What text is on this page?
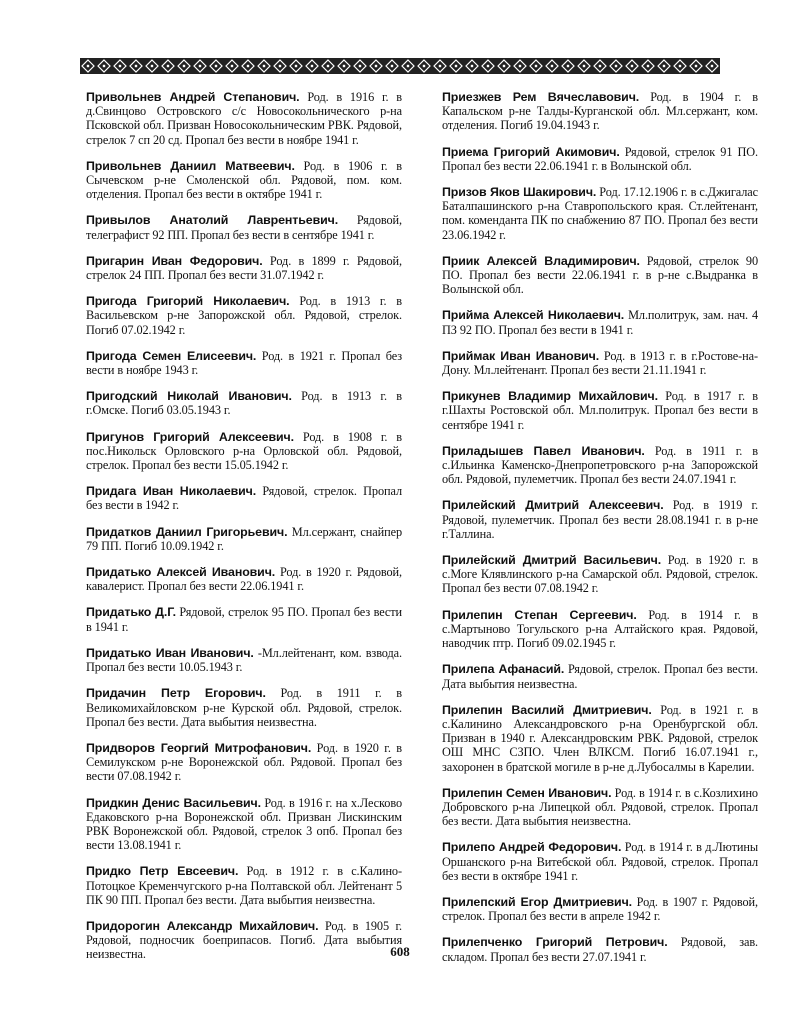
Привольнев Андрей Степанович. Род. в 1916 г. в д.Свинцово Островского с/с Новосокольнического р-на Псковской обл. Призван Новосокольническим РВК. Рядовой, стрелок 7 сп 20 сд. Пропал без вести в ноябре 1941 г.

Привольнев Даниил Матвеевич. Род. в 1906 г. в Сычевском р-не Смоленской обл. Рядовой, пом. ком. отделения. Пропал без вести в октябре 1941 г.

Привылов Анатолий Лаврентьевич. Рядовой, телеграфист 92 ПП. Пропал без вести в сентябре 1941 г.

Пригарин Иван Федорович. Род. в 1899 г. Рядовой, стрелок 24 ПП. Пропал без вести 31.07.1942 г.

Пригода Григорий Николаевич. Род. в 1913 г. в Васильевском р-не Запорожской обл. Рядовой, стрелок. Погиб 07.02.1942 г.

Пригода Семен Елисеевич. Род. в 1921 г. Пропал без вести в ноябре 1943 г.

Пригодский Николай Иванович. Род. в 1913 г. в г.Омске. Погиб 03.05.1943 г.

Пригунов Григорий Алексеевич. Род. в 1908 г. в пос.Никольск Орловского р-на Орловской обл. Рядовой, стрелок. Пропал без вести 15.05.1942 г.

Придага Иван Николаевич. Рядовой, стрелок. Пропал без вести в 1942 г.

Придатков Даниил Григорьевич. Мл.сержант, снайпер 79 ПП. Погиб 10.09.1942 г.

Придатько Алексей Иванович. Род. в 1920 г. Рядовой, кавалерист. Пропал без вести 22.06.1941 г.

Придатько Д.Г. Рядовой, стрелок 95 ПО. Пропал без вести в 1941 г.

Придатько Иван Иванович. -Мл.лейтенант, ком. взвода. Пропал без вести 10.05.1943 г.

Придачин Петр Егорович. Род. в 1911 г. в Великомихайловском р-не Курской обл. Рядовой, стрелок. Пропал без вести. Дата выбытия неизвестна.

Придворов Георгий Митрофанович. Род. в 1920 г. в Семилукском р-не Воронежской обл. Рядовой. Пропал без вести 07.08.1942 г.

Придкин Денис Васильевич. Род. в 1916 г. на х.Лесково Едаковского р-на Воронежской обл. Призван Лискинским РВК Воронежской обл. Рядовой, стрелок 3 опб. Пропал без вести 13.08.1941 г.

Придко Петр Евсеевич. Род. в 1912 г. в с.Калино-Потоцкое Кременчугского р-на Полтавской обл. Лейтенант 5 ПК 90 ПП. Пропал без вести. Дата выбытия неизвестна.

Придорогин Александр Михайлович. Род. в 1905 г. Рядовой, подносчик боеприпасов. Погиб. Дата выбытия неизвестна.

Приезжев Рем Вячеславович. Род. в 1904 г. в Капальском р-не Талды-Курганской обл. Мл.сержант, ком. отделения. Погиб 19.04.1943 г.

Приема Григорий Акимович. Рядовой, стрелок 91 ПО. Пропал без вести 22.06.1941 г. в Волынской обл.

Призов Яков Шакирович. Род. 17.12.1906 г. в с.Джигалас Баталпашинского р-на Ставропольского края. Ст.лейтенант, пом. коменданта ПК по снабжению 87 ПО. Пропал без вести 23.06.1942 г.

Приик Алексей Владимирович. Рядовой, стрелок 90 ПО. Пропал без вести 22.06.1941 г. в р-не с.Выдранка в Волынской обл.

Прийма Алексей Николаевич. Мл.политрук, зам. нач. 4 ПЗ 92 ПО. Пропал без вести в 1941 г.

Приймак Иван Иванович. Род. в 1913 г. в г.Ростове-на-Дону. Мл.лейтенант. Пропал без вести 21.11.1941 г.

Прикунев Владимир Михайлович. Род. в 1917 г. в г.Шахты Ростовской обл. Мл.политрук. Пропал без вести в сентябре 1941 г.

Приладышев Павел Иванович. Род. в 1911 г. в с.Ильинка Каменско-Днепропетровского р-на Запорожской обл. Рядовой, пулеметчик. Пропал без вести 24.07.1941 г.

Прилейский Дмитрий Алексеевич. Род. в 1919 г. Рядовой, пулеметчик. Пропал без вести 28.08.1941 г. в р-не г.Таллина.

Прилейский Дмитрий Васильевич. Род. в 1920 г. в с.Моге Клявлинского р-на Самарской обл. Рядовой, стрелок. Пропал без вести 07.08.1942 г.

Прилепин Степан Сергеевич. Род. в 1914 г. в с.Мартыново Тогульского р-на Алтайского края. Рядовой, наводчик птр. Погиб 09.02.1945 г.

Прилепа Афанасий. Рядовой, стрелок. Пропал без вести. Дата выбытия неизвестна.

Прилепин Василий Дмитриевич. Род. в 1921 г. в с.Калинино Александровского р-на Оренбургской обл. Призван в 1940 г. Александровским РВК. Рядовой, стрелок ОШ МНС СЗПО. Член ВЛКСМ. Погиб 16.07.1941 г., захоронен в братской могиле в р-не д.Лубосалмы в Карелии.

Прилепин Семен Иванович. Род. в 1914 г. в с.Козлихино Добровского р-на Липецкой обл. Рядовой, стрелок. Пропал без вести. Дата выбытия неизвестна.

Прилепо Андрей Федорович. Род. в 1914 г. в д.Лютины Оршанского р-на Витебской обл. Рядовой, стрелок. Пропал без вести в октябре 1941 г.

Прилепский Егор Дмитриевич. Род. в 1907 г. Рядовой, стрелок. Пропал без вести в апреле 1942 г.

Прилепченко Григорий Петрович. Рядовой, зав. складом. Пропал без вести 27.07.1941 г.

608
